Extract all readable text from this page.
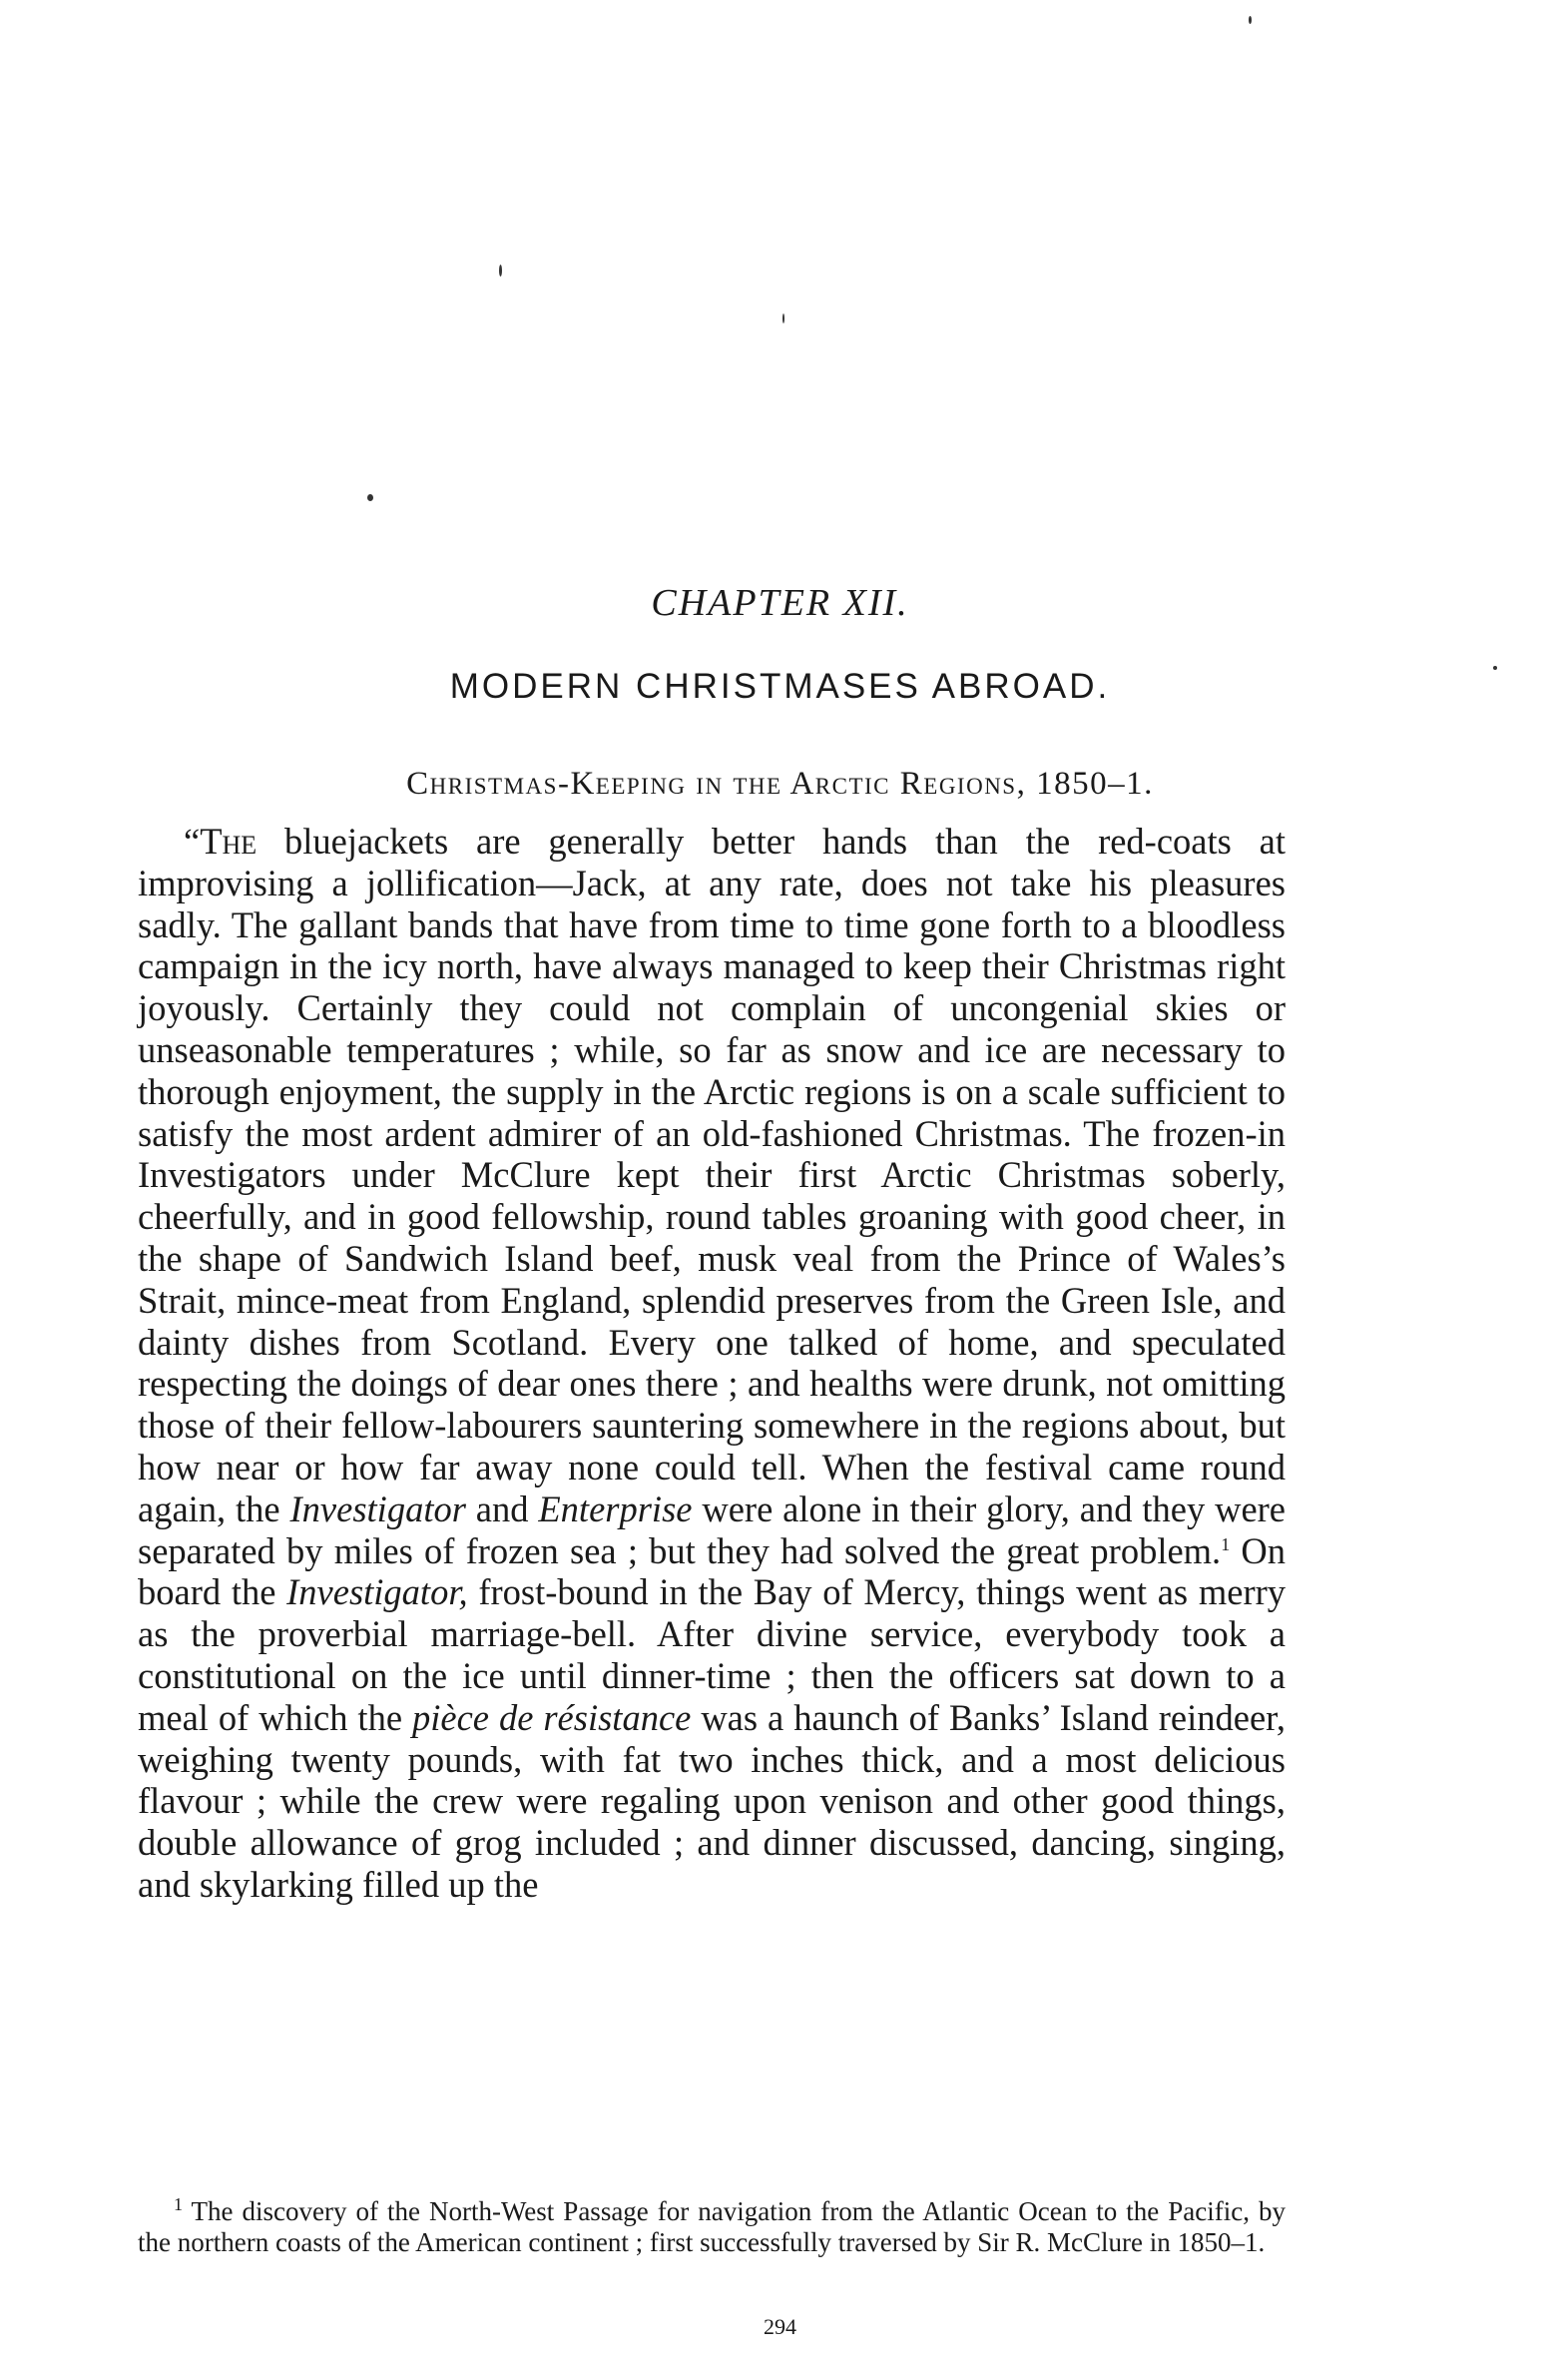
CHAPTER XII.
MODERN CHRISTMASES ABROAD.
Christmas-Keeping in the Arctic Regions, 1850–1.

“The bluejackets are generally better hands than the red-coats at improvising a jollification—Jack, at any rate, does not take his pleasures sadly. The gallant bands that have from time to time gone forth to a bloodless campaign in the icy north, have always managed to keep their Christmas right joyously. Certainly they could not complain of uncongenial skies or unseasonable temperatures ; while, so far as snow and ice are necessary to thorough enjoyment, the supply in the Arctic regions is on a scale sufficient to satisfy the most ardent admirer of an old-fashioned Christmas. The frozen-in Investigators under McClure kept their first Arctic Christmas soberly, cheerfully, and in good fellowship, round tables groaning with good cheer, in the shape of Sandwich Island beef, musk veal from the Prince of Wales’s Strait, mince-meat from England, splendid preserves from the Green Isle, and dainty dishes from Scotland. Every one talked of home, and speculated respecting the doings of dear ones there ; and healths were drunk, not omitting those of their fellow-labourers sauntering somewhere in the regions about, but how near or how far away none could tell. When the festival came round again, the Investigator and Enterprise were alone in their glory, and they were separated by miles of frozen sea ; but they had solved the great problem.$^1$ On board the Investigator, frost-bound in the Bay of Mercy, things went as merry as the proverbial marriage-bell. After divine service, everybody took a constitutional on the ice until dinner-time ; then the officers sat down to a meal of which the pièce de résistance was a haunch of Banks’ Island reindeer, weighing twenty pounds, with fat two inches thick, and a most delicious flavour ; while the crew were regaling upon venison and other good things, double allowance of grog included ; and dinner discussed, dancing, singing, and skylarking filled up the

$^1$ The discovery of the North-West Passage for navigation from the Atlantic Ocean to the Pacific, by the northern coasts of the American continent ; first successfully traversed by Sir R. McClure in 1850–1.

294
